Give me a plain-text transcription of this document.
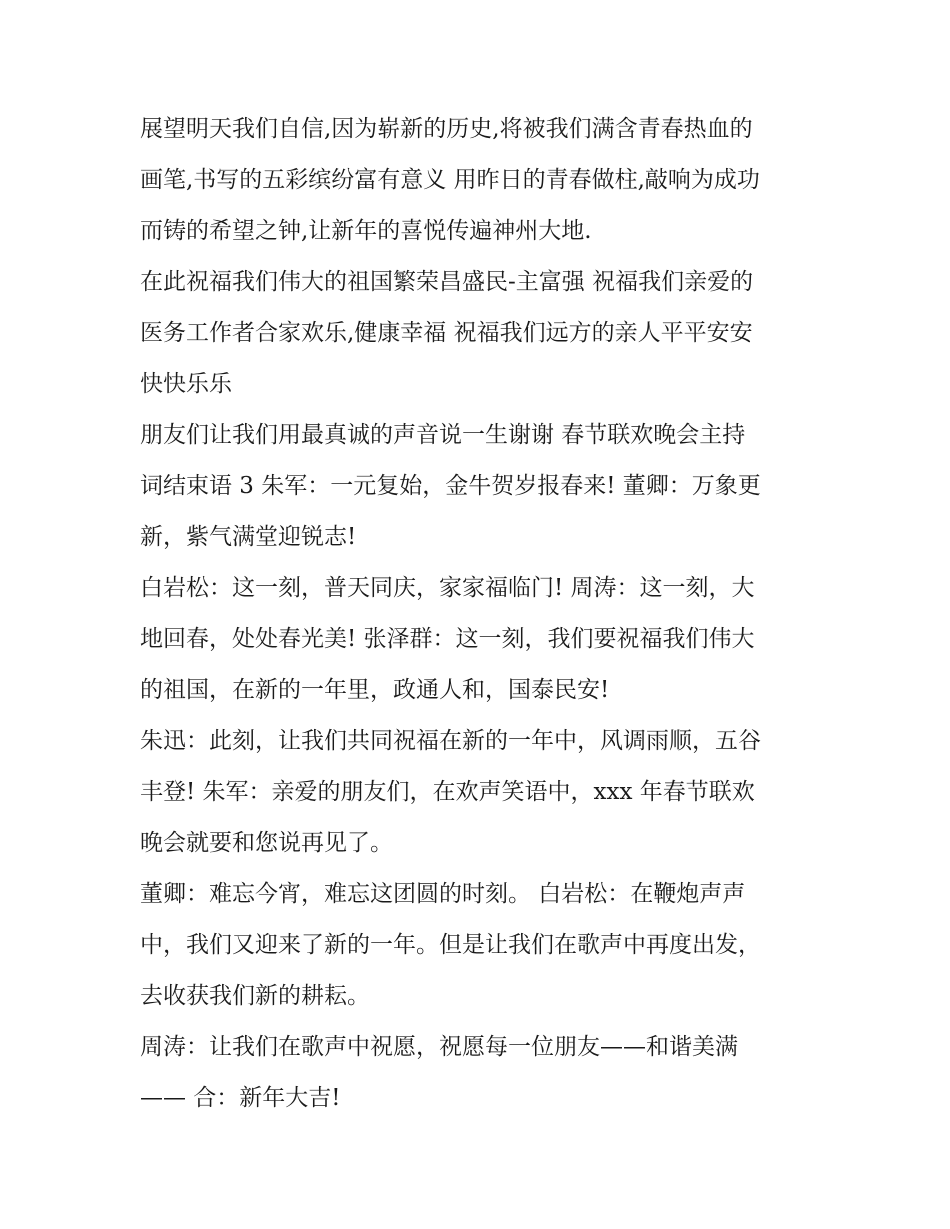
展望明天我们自信,因为崭新的历史,将被我们满含青春热血的
画笔,书写的五彩缤纷富有意义 用昨日的青春做柱,敲响为成功
而铸的希望之钟,让新年的喜悦传遍神州大地.
在此祝福我们伟大的祖国繁荣昌盛民-主富强 祝福我们亲爱的
医务工作者合家欢乐,健康幸福 祝福我们远方的亲人平平安安
快快乐乐
朋友们让我们用最真诚的声音说一生谢谢 春节联欢晚会主持
词结束语 3 朱军：一元复始，金牛贺岁报春来! 董卿：万象更
新，紫气满堂迎锐志!
白岩松：这一刻，普天同庆，家家福临门! 周涛：这一刻，大
地回春，处处春光美! 张泽群：这一刻，我们要祝福我们伟大
的祖国，在新的一年里，政通人和，国泰民安!
朱迅：此刻，让我们共同祝福在新的一年中，风调雨顺，五谷
丰登! 朱军：亲爱的朋友们，在欢声笑语中，xxx 年春节联欢
晚会就要和您说再见了。
董卿：难忘今宵，难忘这团圆的时刻。 白岩松：在鞭炮声声
中，我们又迎来了新的一年。但是让我们在歌声中再度出发，
去收获我们新的耕耘。
周涛：让我们在歌声中祝愿，祝愿每一位朋友——和谐美满
—— 合：新年大吉!
